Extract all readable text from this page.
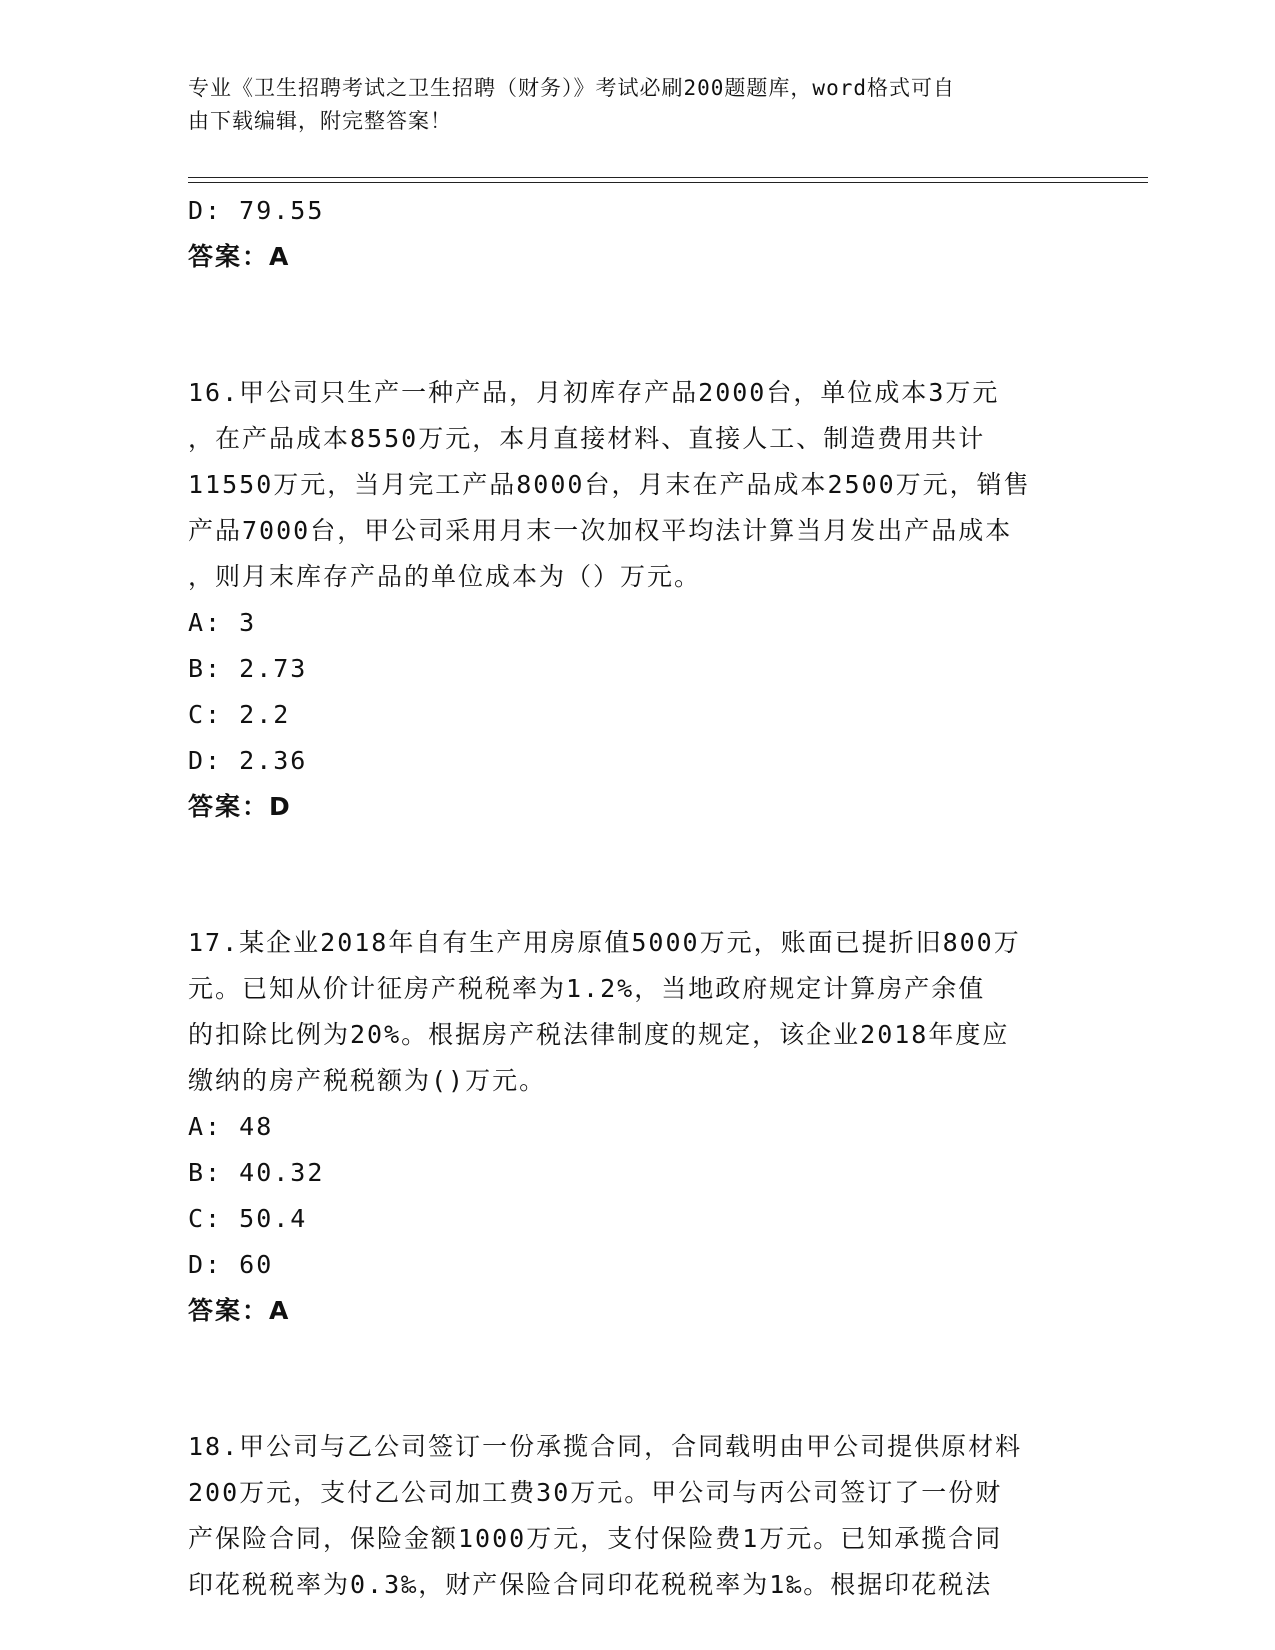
专业《卫生招聘考试之卫生招聘（财务）》考试必刷200题题库，word格式可自
由下载编辑，附完整答案！
D: 79.55
答案：A
16.甲公司只生产一种产品，月初库存产品2000台，单位成本3万元
，在产品成本8550万元，本月直接材料、直接人工、制造费用共计
11550万元，当月完工产品8000台，月末在产品成本2500万元，销售
产品7000台，甲公司采用月末一次加权平均法计算当月发出产品成本
，则月末库存产品的单位成本为（）万元。
A: 3
B: 2.73
C: 2.2
D: 2.36
答案：D
17.某企业2018年自有生产用房原值5000万元，账面已提折旧800万
元。已知从价计征房产税税率为1.2%，当地政府规定计算房产余值
的扣除比例为20%。根据房产税法律制度的规定，该企业2018年度应
缴纳的房产税税额为()万元。
A: 48
B: 40.32
C: 50.4
D: 60
答案：A
18.甲公司与乙公司签订一份承揽合同，合同载明由甲公司提供原材料
200万元，支付乙公司加工费30万元。甲公司与丙公司签订了一份财
产保险合同，保险金额1000万元，支付保险费1万元。已知承揽合同
印花税税率为0.3‰，财产保险合同印花税税率为1‰。根据印花税法
